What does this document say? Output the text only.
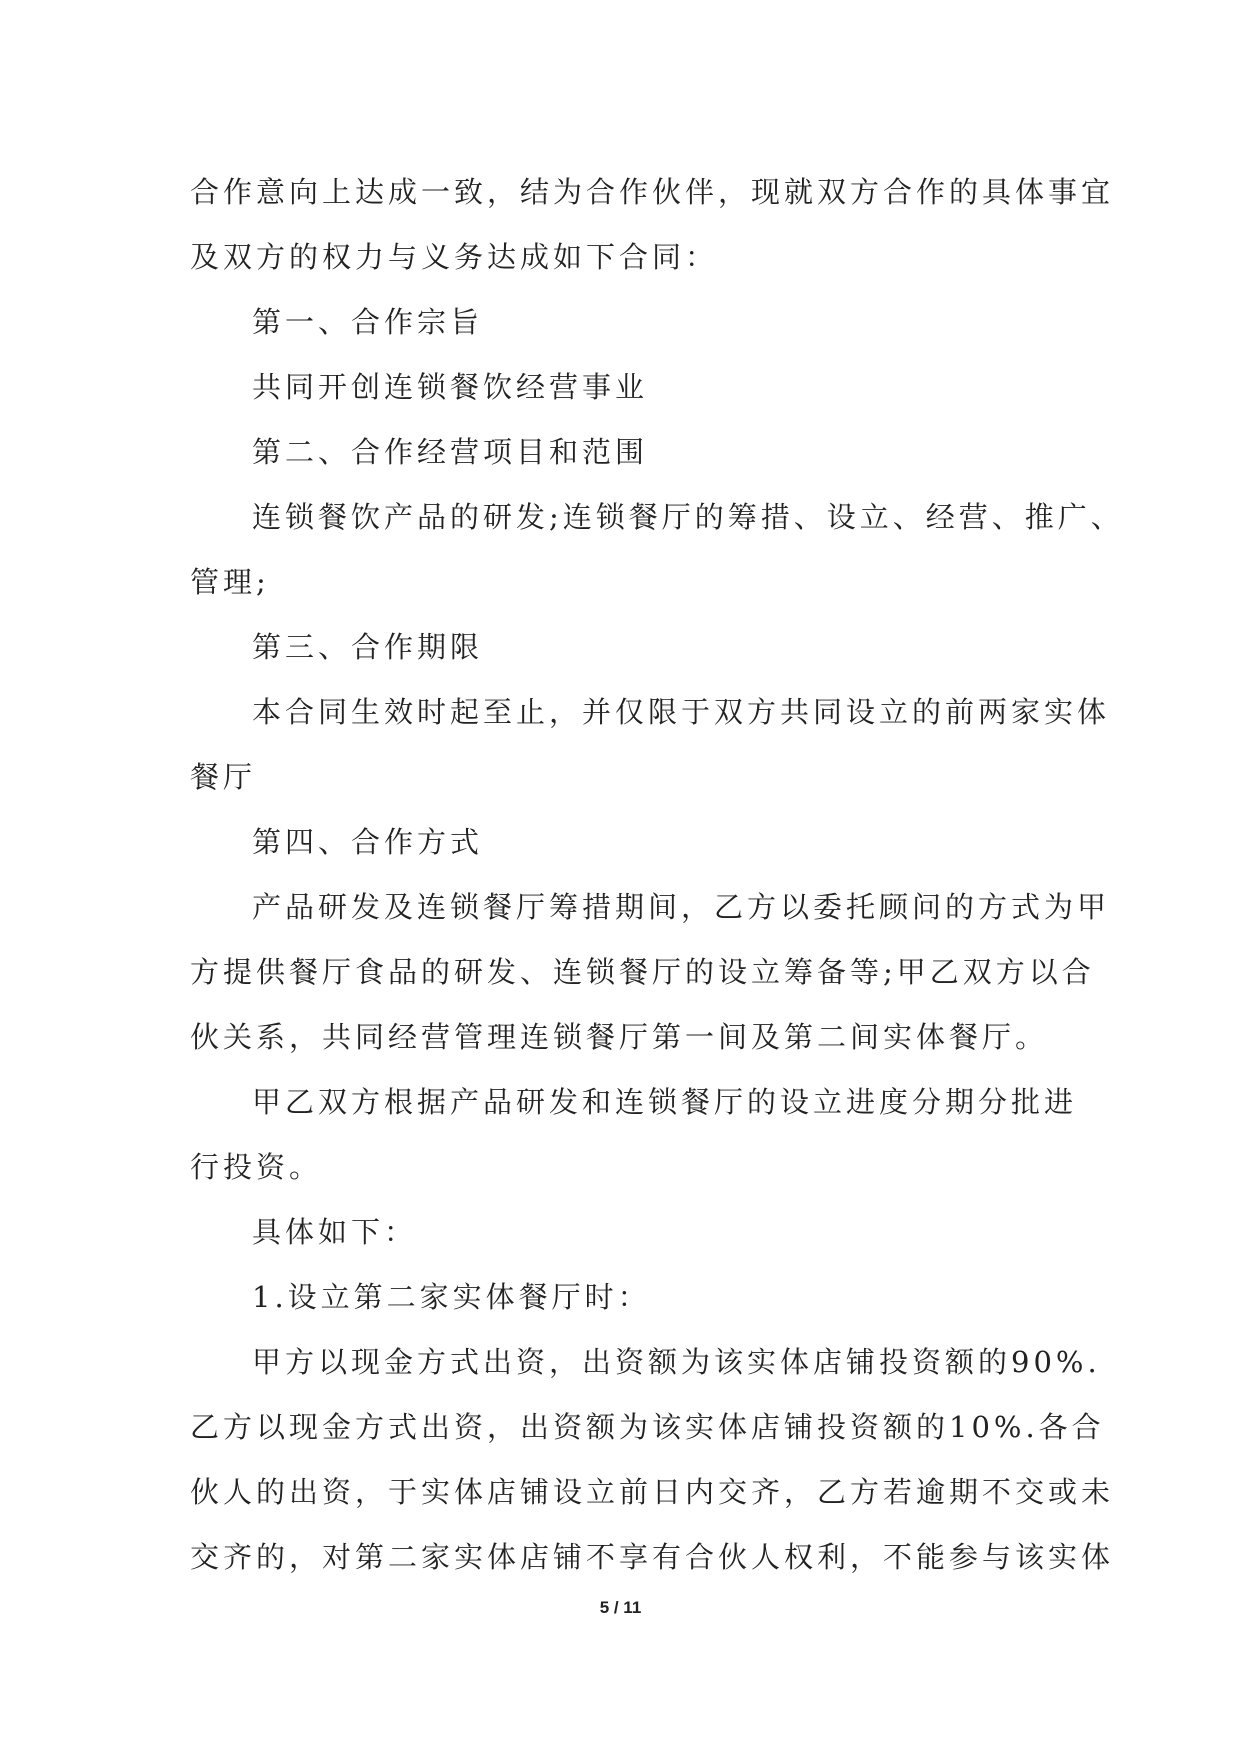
合作意向上达成一致，结为合作伙伴，现就双方合作的具体事宜
及双方的权力与义务达成如下合同：
第一、合作宗旨
共同开创连锁餐饮经营事业
第二、合作经营项目和范围
连锁餐饮产品的研发;连锁餐厅的筹措、设立、经营、推广、
管理;
第三、合作期限
本合同生效时起至止，并仅限于双方共同设立的前两家实体
餐厅
第四、合作方式
产品研发及连锁餐厅筹措期间，乙方以委托顾问的方式为甲
方提供餐厅食品的研发、连锁餐厅的设立筹备等;甲乙双方以合
伙关系，共同经营管理连锁餐厅第一间及第二间实体餐厅。
甲乙双方根据产品研发和连锁餐厅的设立进度分期分批进
行投资。
具体如下：
1.设立第二家实体餐厅时：
甲方以现金方式出资，出资额为该实体店铺投资额的90%.
乙方以现金方式出资，出资额为该实体店铺投资额的10%.各合
伙人的出资，于实体店铺设立前日内交齐，乙方若逾期不交或未
交齐的，对第二家实体店铺不享有合伙人权利，不能参与该实体
5 / 11
